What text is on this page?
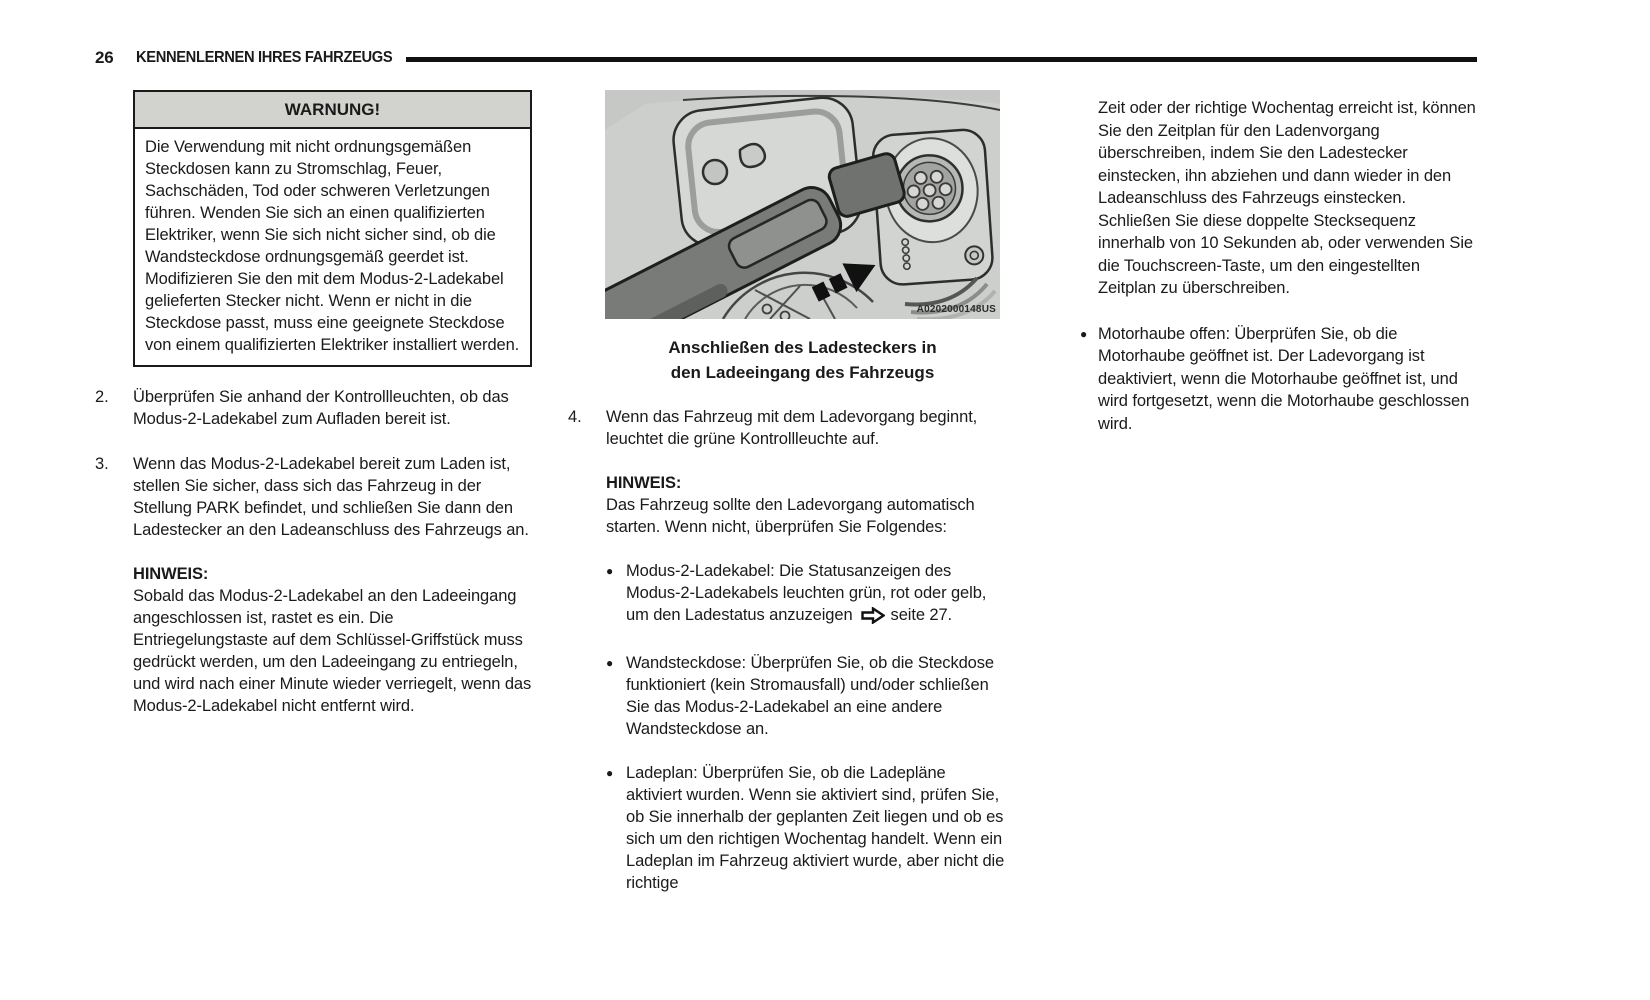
26 KENNENLERNEN IHRES FAHRZEUGS
WARNUNG!
Die Verwendung mit nicht ordnungsgemäßen Steckdosen kann zu Stromschlag, Feuer, Sachschäden, Tod oder schweren Verletzungen führen. Wenden Sie sich an einen qualifizierten Elektriker, wenn Sie sich nicht sicher sind, ob die Wandsteckdose ordnungsgemäß geerdet ist. Modifizieren Sie den mit dem Modus-2-Ladekabel gelieferten Stecker nicht. Wenn er nicht in die Steckdose passt, muss eine geeignete Steckdose von einem qualifizierten Elektriker installiert werden.
2.	Überprüfen Sie anhand der Kontrollleuchten, ob das Modus-2-Ladekabel zum Aufladen bereit ist.
3.	Wenn das Modus-2-Ladekabel bereit zum Laden ist, stellen Sie sicher, dass sich das Fahrzeug in der Stellung PARK befindet, und schließen Sie dann den Ladestecker an den Ladeanschluss des Fahrzeugs an.
HINWEIS:
Sobald das Modus-2-Ladekabel an den Ladeeingang angeschlossen ist, rastet es ein. Die Entriegelungstaste auf dem Schlüssel-Griffstück muss gedrückt werden, um den Ladeeingang zu entriegeln, und wird nach einer Minute wieder verriegelt, wenn das Modus-2-Ladekabel nicht entfernt wird.
A0202000148US
Anschließen des Ladesteckers in
den Ladeeingang des Fahrzeugs
4.	Wenn das Fahrzeug mit dem Ladevorgang beginnt, leuchtet die grüne Kontrollleuchte auf.
HINWEIS:
Das Fahrzeug sollte den Ladevorgang automatisch starten. Wenn nicht, überprüfen Sie Folgendes:
● Modus-2-Ladekabel: Die Statusanzeigen des Modus-2-Ladekabels leuchten grün, rot oder gelb, um den Ladestatus anzuzeigen seite 27.
● Wandsteckdose: Überprüfen Sie, ob die Steckdose funktioniert (kein Stromausfall) und/oder schließen Sie das Modus-2-Ladekabel an eine andere Wandsteckdose an.
● Ladeplan: Überprüfen Sie, ob die Ladepläne aktiviert wurden. Wenn sie aktiviert sind, prüfen Sie, ob Sie innerhalb der geplanten Zeit liegen und ob es sich um den richtigen Wochentag handelt. Wenn ein Ladeplan im Fahrzeug aktiviert wurde, aber nicht die richtige
Zeit oder der richtige Wochentag erreicht ist, können Sie den Zeitplan für den Ladenvorgang überschreiben, indem Sie den Ladestecker einstecken, ihn abziehen und dann wieder in den Ladeanschluss des Fahrzeugs einstecken. Schließen Sie diese doppelte Stecksequenz innerhalb von 10 Sekunden ab, oder verwenden Sie die Touchscreen-Taste, um den eingestellten Zeitplan zu überschreiben.
● Motorhaube offen: Überprüfen Sie, ob die Motorhaube geöffnet ist. Der Ladevorgang ist deaktiviert, wenn die Motorhaube geöffnet ist, und wird fortgesetzt, wenn die Motorhaube geschlossen wird.
